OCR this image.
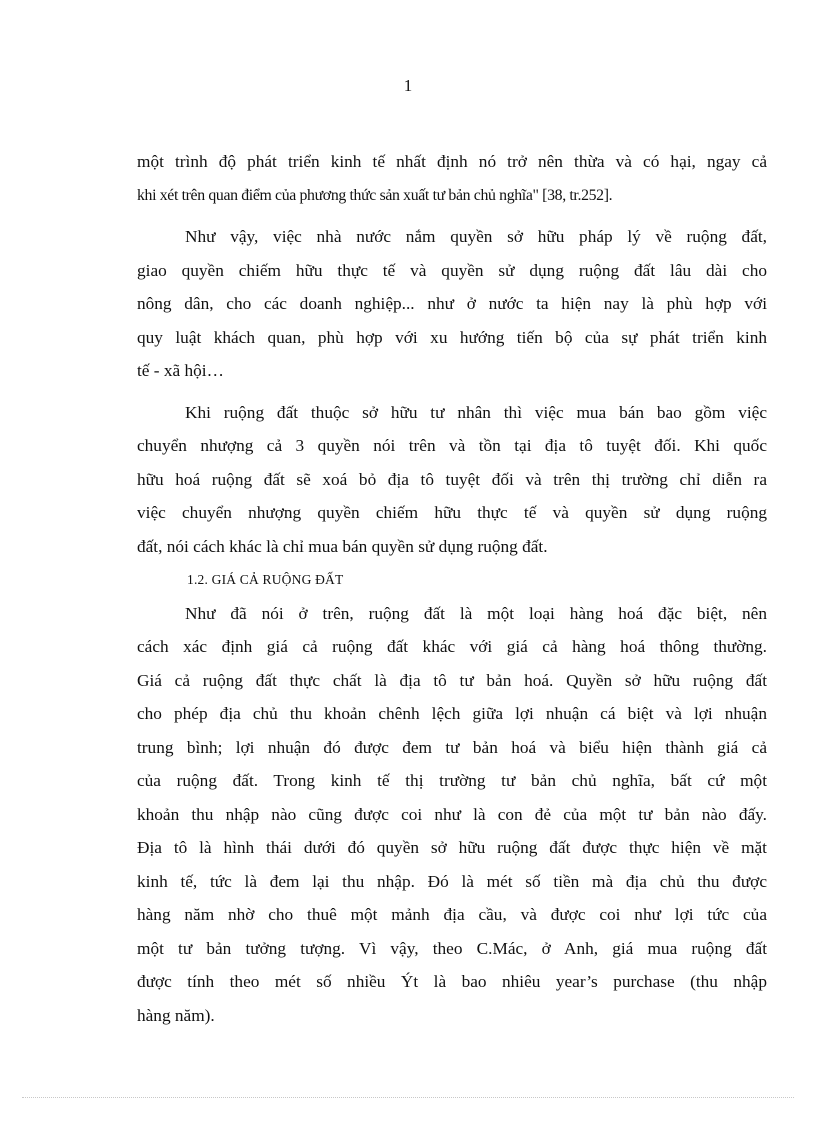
1
một trình độ phát triển kinh tế nhất định nó trở nên thừa và có hại, ngay cả
khi xét trên quan điểm của phương thức sản xuất tư bản chủ nghĩa" [38, tr.252].
Như vậy, việc nhà nước nắm quyền sở hữu pháp lý về ruộng đất,
giao quyền chiếm hữu thực tế và quyền sử dụng ruộng đất lâu dài cho
nông dân, cho các doanh nghiệp... như ở nước ta hiện nay là phù hợp với
quy luật khách quan, phù hợp với xu hướng tiến bộ của sự phát triển kinh
tế - xã hội…
Khi ruộng đất thuộc sở hữu tư nhân thì việc mua bán bao gồm việc
chuyển nhượng cả 3 quyền nói trên và tồn tại địa tô tuyệt đối. Khi quốc
hữu hoá ruộng đất sẽ xoá bỏ địa tô tuyệt đối và trên thị trường chỉ diễn ra
việc chuyển nhượng quyền chiếm hữu thực tế và quyền sử dụng ruộng
đất, nói cách khác là chỉ mua bán quyền sử dụng ruộng đất.
1.2. GIÁ CẢ RUỘNG ĐẤT
Như đã nói ở trên, ruộng đất là một loại hàng hoá đặc biệt, nên
cách xác định giá cả ruộng đất khác với giá cả hàng hoá thông thường.
Giá cả ruộng đất thực chất là địa tô tư bản hoá. Quyền sở hữu ruộng đất
cho phép địa chủ thu khoản chênh lệch giữa lợi nhuận cá biệt và lợi nhuận
trung bình; lợi nhuận đó được đem tư bản hoá và biểu hiện thành giá cả
của ruộng đất. Trong kinh tế thị trường tư bản chủ nghĩa, bất cứ một
khoản thu nhập nào cũng được coi như là con đẻ của một tư bản nào đấy.
Địa tô là hình thái dưới đó quyền sở hữu ruộng đất được thực hiện về mặt
kinh tế, tức là đem lại thu nhập. Đó là mét số tiền mà địa chủ thu được
hàng năm nhờ cho thuê một mảnh địa cầu, và được coi như lợi tức của
một tư bản tưởng tượng. Vì vậy, theo C.Mác, ở Anh, giá mua ruộng đất
được tính theo mét số nhiều Ýt là bao nhiêu year’s purchase (thu nhập
hàng năm).
